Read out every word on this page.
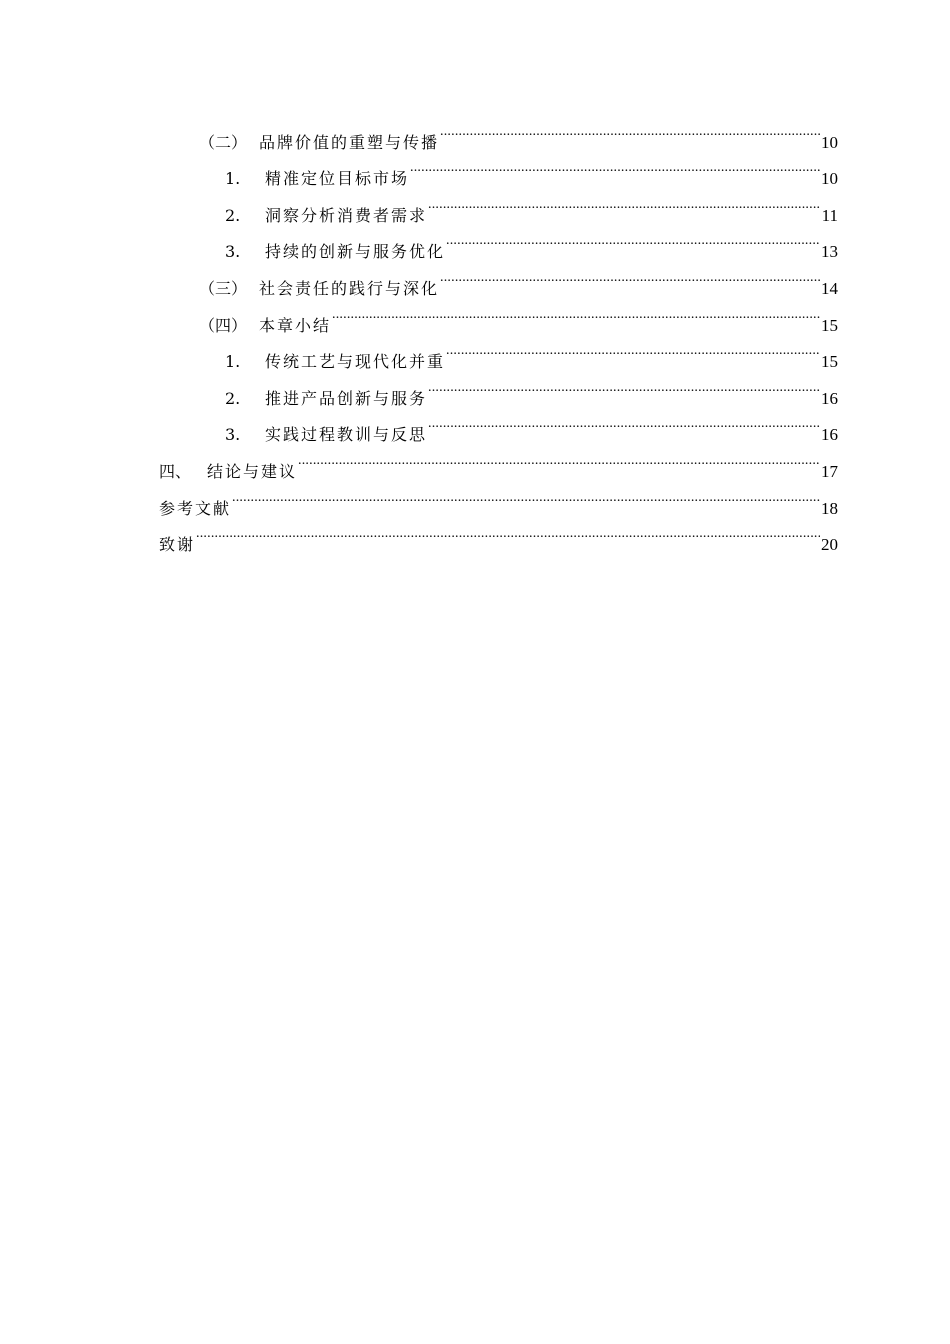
（二） 品牌价值的重塑与传播 .....	10
1.	精准定位目标市场 .....	10
2.	洞察分析消费者需求 .....	11
3.	持续的创新与服务优化 .....	13
（三） 社会责任的践行与深化 .....	14
（四） 本章小结 .....	15
1.	传统工艺与现代化并重 .....	15
2.	推进产品创新与服务 .....	16
3.	实践过程教训与反思 .....	16
四、 结论与建议 .....	17
参考文献 .....	18
致谢 .....	20
